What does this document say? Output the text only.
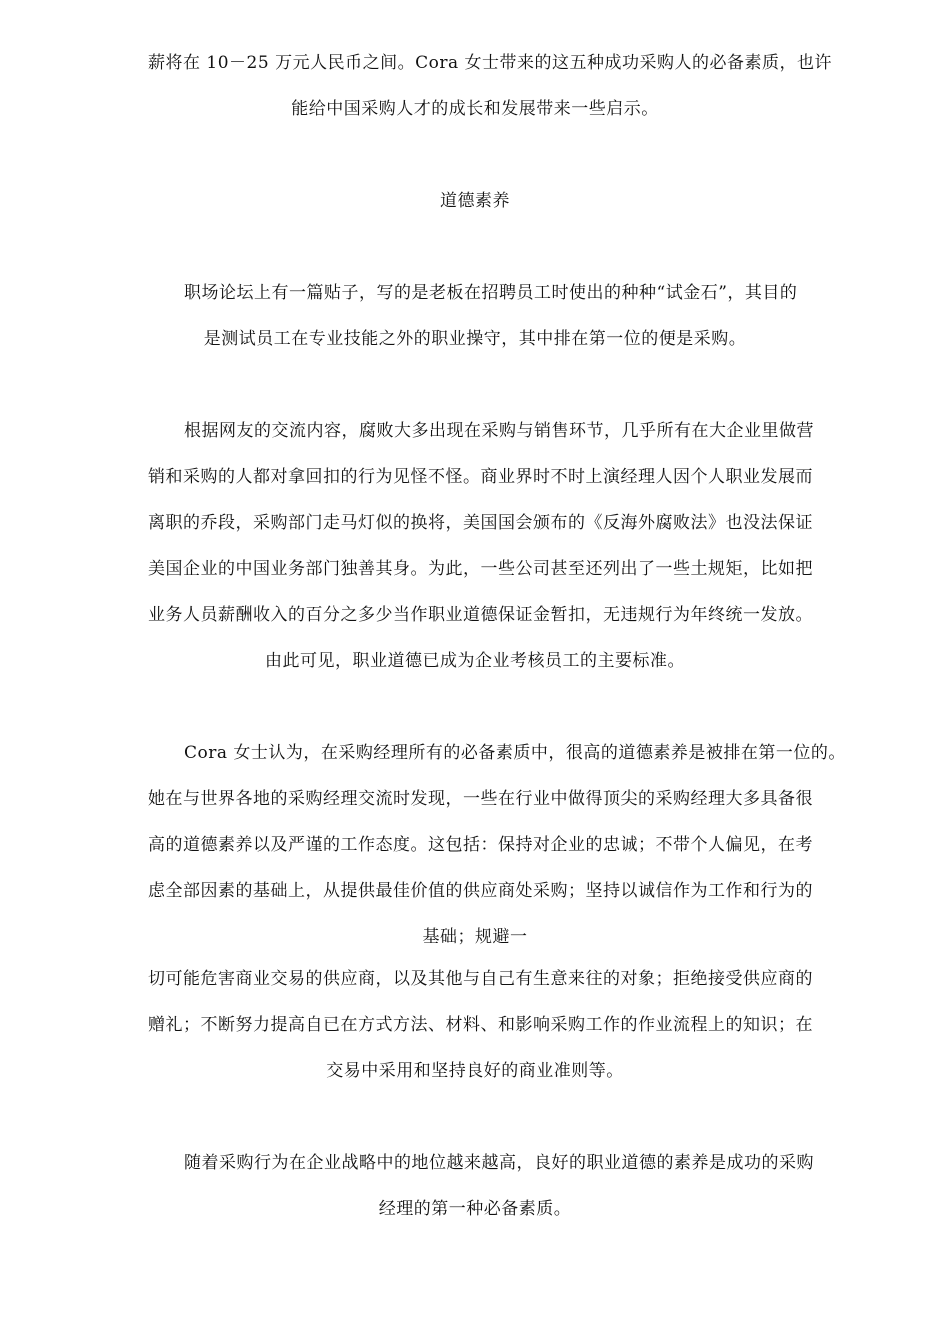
薪将在 10－25 万元人民币之间。Cora 女士带来的这五种成功采购人的必备素质，也许
能给中国采购人才的成长和发展带来一些启示。
道德素养
职场论坛上有一篇贴子，写的是老板在招聘员工时使出的种种“试金石”，其目的
是测试员工在专业技能之外的职业操守，其中排在第一位的便是采购。
根据网友的交流内容，腐败大多出现在采购与销售环节，几乎所有在大企业里做营
销和采购的人都对拿回扣的行为见怪不怪。商业界时不时上演经理人因个人职业发展而
离职的乔段，采购部门走马灯似的换将，美国国会颁布的《反海外腐败法》也没法保证
美国企业的中国业务部门独善其身。为此，一些公司甚至还列出了一些土规矩，比如把
业务人员薪酬收入的百分之多少当作职业道德保证金暂扣，无违规行为年终统一发放。
由此可见，职业道德已成为企业考核员工的主要标准。
Cora 女士认为，在采购经理所有的必备素质中，很高的道德素养是被排在第一位的。
她在与世界各地的采购经理交流时发现，一些在行业中做得顶尖的采购经理大多具备很
高的道德素养以及严谨的工作态度。这包括：保持对企业的忠诚；不带个人偏见，在考
虑全部因素的基础上，从提供最佳价值的供应商处采购；坚持以诚信作为工作和行为的
基础；规避一
切可能危害商业交易的供应商，以及其他与自己有生意来往的对象；拒绝接受供应商的
赠礼；不断努力提高自已在方式方法、材料、和影响采购工作的作业流程上的知识；在
交易中采用和坚持良好的商业准则等。
随着采购行为在企业战略中的地位越来越高，良好的职业道德的素养是成功的采购
经理的第一种必备素质。
